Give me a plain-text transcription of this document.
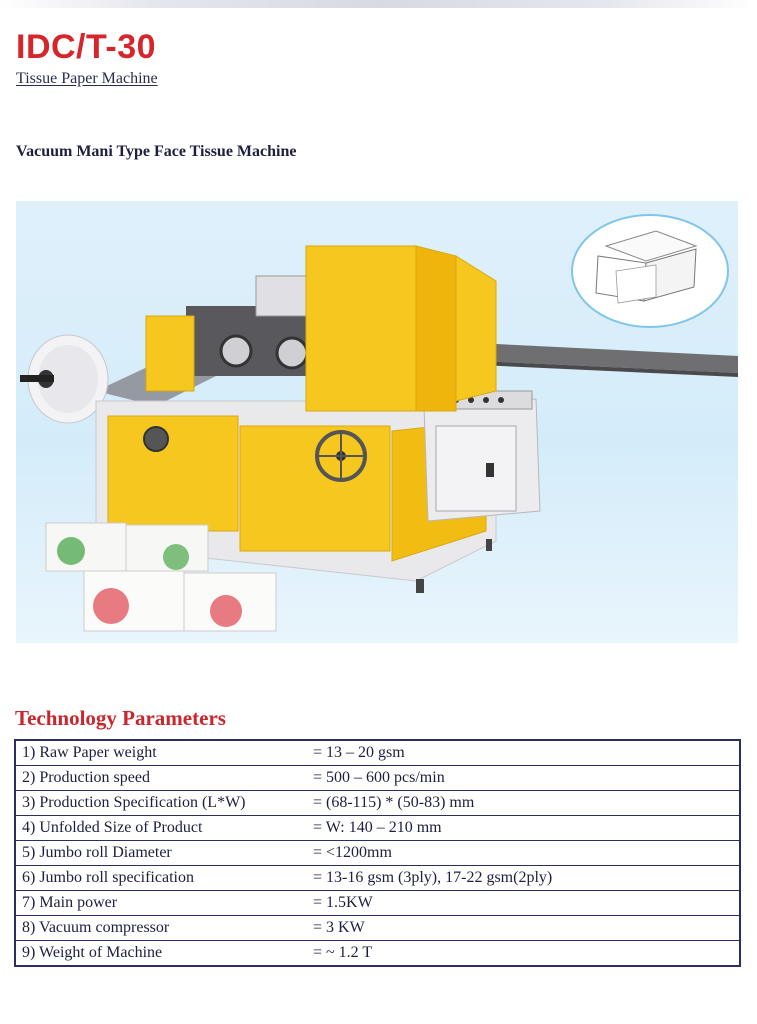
IDC/T-30
Tissue Paper Machine
Vacuum Mani Type Face Tissue Machine
Technology Parameters
1) Raw Paper weight	= 13 – 20 gsm
2) Production speed	= 500 – 600 pcs/min
3) Production Specification (L*W)	= (68-115) * (50-83) mm
4) Unfolded Size of Product	= W: 140 – 210 mm
5) Jumbo roll Diameter	= <1200mm
6) Jumbo roll specification	= 13-16 gsm (3ply), 17-22 gsm(2ply)
7) Main power	= 1.5KW
8) Vacuum compressor	= 3 KW
9) Weight of Machine	= ~ 1.2 T
